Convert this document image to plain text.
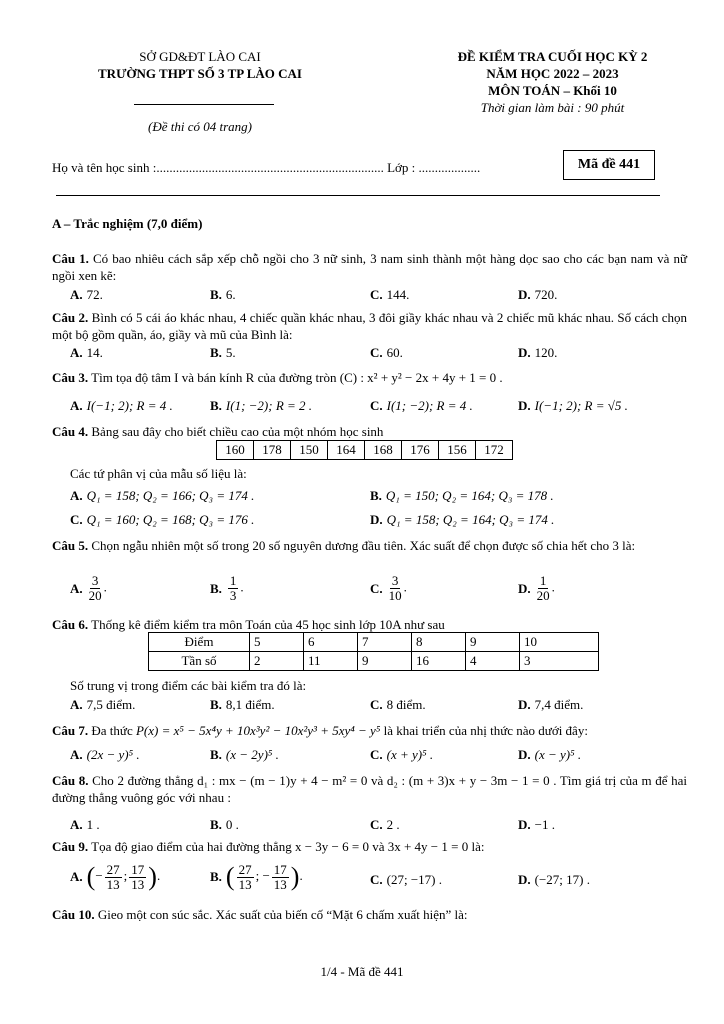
SỞ GD&ĐT LÀO CAI
TRƯỜNG THPT SỐ 3 TP LÀO CAI
(Đề thi có 04 trang)
ĐỀ KIỂM TRA CUỐI HỌC KỲ 2
NĂM HỌC 2022 – 2023
MÔN TOÁN – Khối 10
Thời gian làm bài : 90 phút
Họ và tên học sinh :...................................................................... Lớp : ...................	Mã đề 441
A – Trắc nghiệm (7,0 điểm)
Câu 1. Có bao nhiêu cách sắp xếp chỗ ngồi cho 3 nữ sinh, 3 nam sinh thành một hàng dọc sao cho các bạn nam và nữ ngồi xen kẽ:
A. 72.	B. 6.	C. 144.	D. 720.
Câu 2. Bình có 5 cái áo khác nhau, 4 chiếc quần khác nhau, 3 đôi giầy khác nhau và 2 chiếc mũ khác nhau. Số cách chọn một bộ gồm quần, áo, giầy và mũ của Bình là:
A. 14.	B. 5.	C. 60.	D. 120.
Câu 3. Tìm tọa độ tâm I và bán kính R của đường tròn (C) : x² + y² − 2x + 4y + 1 = 0 .
A. I(−1; 2); R = 4 .	B. I(1; −2); R = 2 .	C. I(1; −2); R = 4 .	D. I(−1; 2); R = √5 .
Câu 4. Bảng sau đây cho biết chiều cao của một nhóm học sinh
160	178	150	164	168	176	156	172
Các tứ phân vị của mẫu số liệu là:
A. Q₁ = 158; Q₂ = 166; Q₃ = 174 .	B. Q₁ = 150; Q₂ = 164; Q₃ = 178 .
C. Q₁ = 160; Q₂ = 168; Q₃ = 176 .	D. Q₁ = 158; Q₂ = 164; Q₃ = 174 .
Câu 5. Chọn ngẫu nhiên một số trong 20 số nguyên dương đầu tiên. Xác suất để chọn được số chia hết cho 3 là:
A. $\frac{3}{20}$ .	B. $\frac{1}{3}$ .	C. $\frac{3}{10}$ .	D. $\frac{1}{20}$ .
Câu 6. Thống kê điểm kiểm tra môn Toán của 45 học sinh lớp 10A như sau
Điểm	5	6	7	8	9	10
Tần số	2	11	9	16	4	3
Số trung vị trong điểm các bài kiểm tra đó là:
A. 7,5 điểm.	B. 8,1 điểm.	C. 8 điểm.	D. 7,4 điểm.
Câu 7. Đa thức P(x) = x⁵ − 5x⁴y + 10x³y² − 10x²y³ + 5xy⁴ − y⁵ là khai triển của nhị thức nào dưới đây:
A. (2x − y)⁵ .	B. (x − 2y)⁵ .	C. (x + y)⁵ .	D. (x − y)⁵ .
Câu 8. Cho 2 đường thẳng d₁ : mx − (m − 1)y + 4 − m² = 0 và d₂ : (m + 3)x + y − 3m − 1 = 0 . Tìm giá trị của m để hai đường thẳng vuông góc với nhau :
A. 1 .	B. 0 .	C. 2 .	D. −1 .
Câu 9. Tọa độ giao điểm của hai đường thẳng x − 3y − 6 = 0 và 3x + 4y − 1 = 0 là:
A. (− $\frac{27}{13}$ ; $\frac{17}{13}$ ).	B. ( $\frac{27}{13}$ ; − $\frac{17}{13}$ ).	C. (27; −17) .	D. (−27; 17) .
Câu 10. Gieo một con súc sắc. Xác suất của biến cố “Mặt 6 chấm xuất hiện” là:
1/4 - Mã đề 441
